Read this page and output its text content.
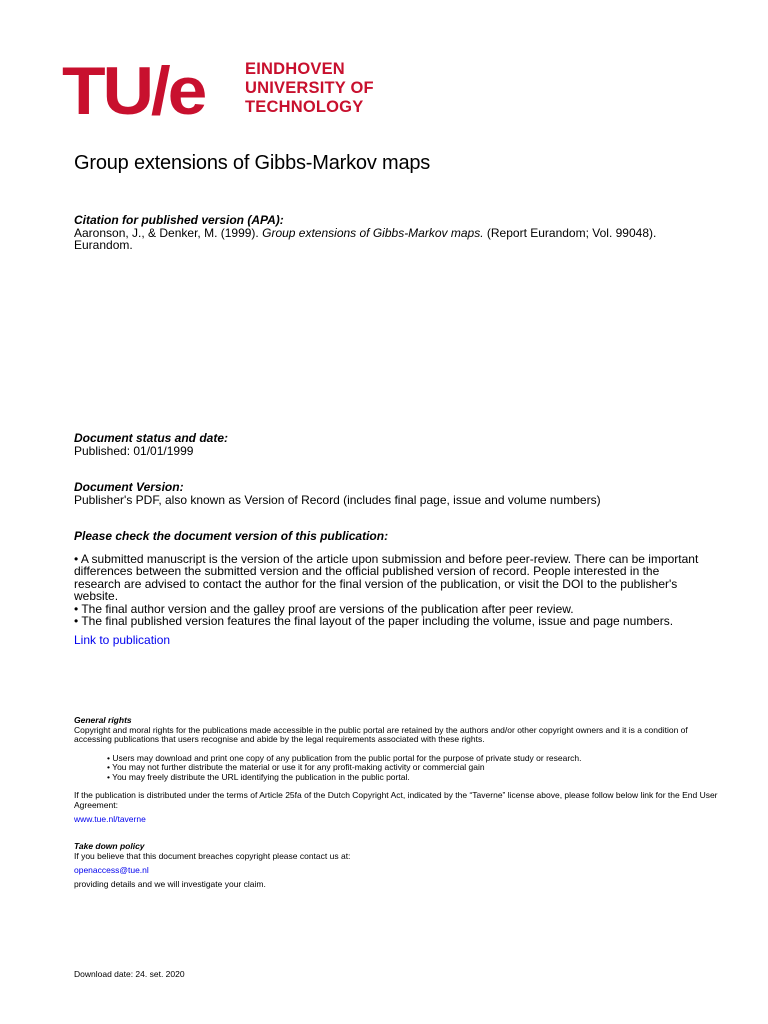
TU/e EINDHOVEN
UNIVERSITY OF
TECHNOLOGY
Group extensions of Gibbs-Markov maps
Citation for published version (APA):
Aaronson, J., & Denker, M. (1999). Group extensions of Gibbs-Markov maps. (Report Eurandom; Vol. 99048).
Eurandom.
Document status and date:
Published: 01/01/1999
Document Version:
Publisher's PDF, also known as Version of Record (includes final page, issue and volume numbers)
Please check the document version of this publication:
• A submitted manuscript is the version of the article upon submission and before peer-review. There can be important differences between the submitted version and the official published version of record. People interested in the research are advised to contact the author for the final version of the publication, or visit the DOI to the publisher's website.
• The final author version and the galley proof are versions of the publication after peer review.
• The final published version features the final layout of the paper including the volume, issue and page numbers.
Link to publication
General rights
Copyright and moral rights for the publications made accessible in the public portal are retained by the authors and/or other copyright owners and it is a condition of accessing publications that users recognise and abide by the legal requirements associated with these rights.
• Users may download and print one copy of any publication from the public portal for the purpose of private study or research.
• You may not further distribute the material or use it for any profit-making activity or commercial gain
• You may freely distribute the URL identifying the publication in the public portal.
If the publication is distributed under the terms of Article 25fa of the Dutch Copyright Act, indicated by the “Taverne” license above, please follow below link for the End User Agreement:
www.tue.nl/taverne
Take down policy
If you believe that this document breaches copyright please contact us at:
openaccess@tue.nl
providing details and we will investigate your claim.
Download date: 24. set. 2020
